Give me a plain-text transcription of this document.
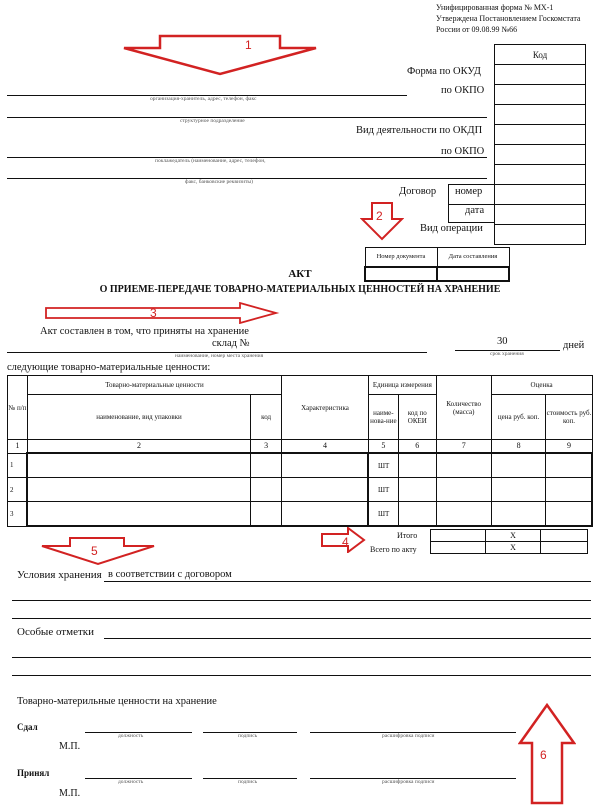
Унифицированная форма № МХ-1
Утверждена Постановлением Госкомстата
России от 09.08.99 №66
Код

Форма по ОКУД
по ОКПО
Вид деятельности по ОКДП
по ОКПО
Договор номер
дата
Вид операции
организация-хранитель, адрес, телефон, факс
структурное подразделение
поклажедатель (наименование, адрес, телефон,
факс, банковские реквизиты)
Номер документа	Дата составления

АКТ
О ПРИЕМЕ-ПЕРЕДАЧЕ ТОВАРНО-МАТЕРИАЛЬНЫХ ЦЕННОСТЕЙ НА ХРАНЕНИЕ
Акт составлен в том, что приняты на хранение
склад №
наименование, номер места хранения
30	дней
срок хранения
следующие товарно-материальные ценности:
№ п/п	Товарно-материальные ценности		Характеристика	Единица измерения		Количество (масса)	Оценка	
	наименование, вид упаковки	код		наиме-нова-ние	код по ОКЕИ		цена руб. коп.	стоимость руб. коп.
1	2	3	4	5	6	7	8	9
1				ШТ				
2				ШТ				
3				ШТ				
Итого
Всего по акту
	X	
	X	
Условия хранения в соответствии с договором
Особые отметки
Товарно-материльные ценности на хранение
Сдал
должность	подпись	расшифровка подписи
М.П.
Принял
должность	подпись	расшифровка подписи
М.П.
1
2
3
4
5
6
